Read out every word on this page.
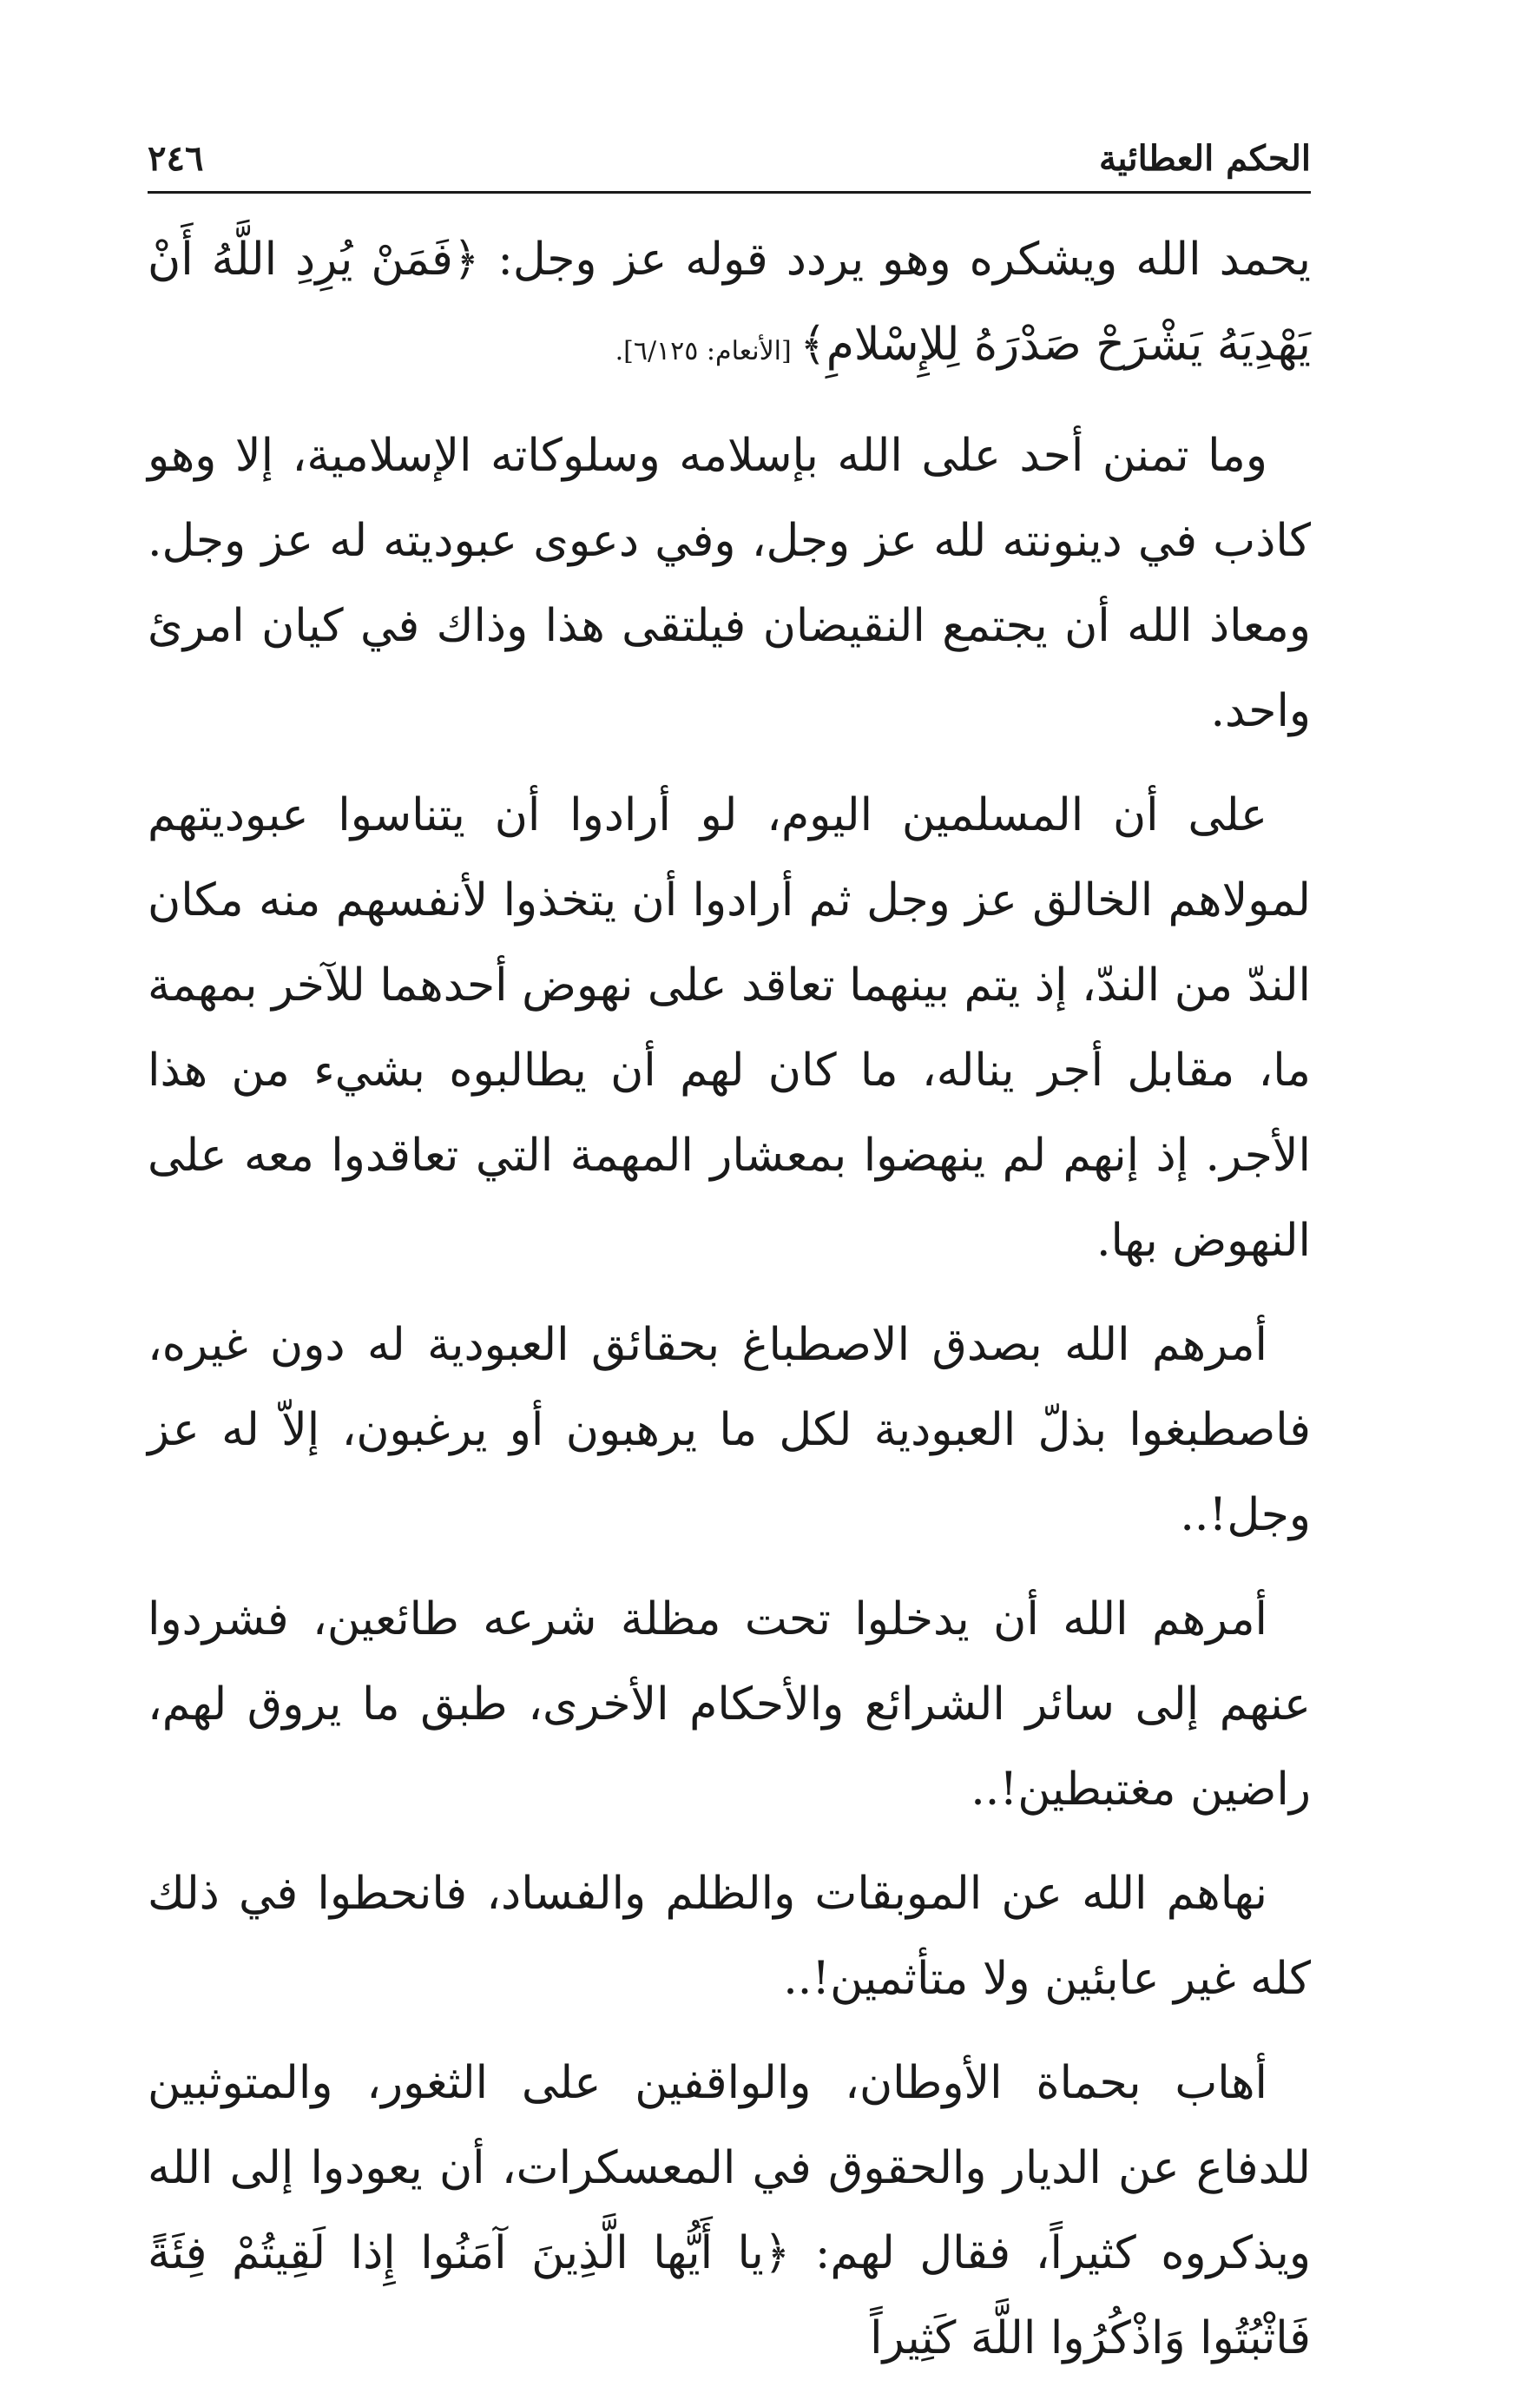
الحكم العطائية
٢٤٦

يحمد الله ويشكره وهو يردد قوله عز وجل: ﴿فَمَنْ يُرِدِ اللَّهُ أَنْ يَهْدِيَهُ يَشْرَحْ صَدْرَهُ لِلإِسْلامِ﴾ [الأنعام: ٦/١٢٥].

وما تمنن أحد على الله بإسلامه وسلوكاته الإسلامية، إلا وهو كاذب في دينونته لله عز وجل، وفي دعوى عبوديته له عز وجل. ومعاذ الله أن يجتمع النقيضان فيلتقى هذا وذاك في كيان امرئ واحد.

على أن المسلمين اليوم، لو أرادوا أن يتناسوا عبوديتهم لمولاهم الخالق عز وجل ثم أرادوا أن يتخذوا لأنفسهم منه مكان الندّ من الندّ، إذ يتم بينهما تعاقد على نهوض أحدهما للآخر بمهمة ما، مقابل أجر يناله، ما كان لهم أن يطالبوه بشيء من هذا الأجر. إذ إنهم لم ينهضوا بمعشار المهمة التي تعاقدوا معه على النهوض بها.

أمرهم الله بصدق الاصطباغ بحقائق العبودية له دون غيره، فاصطبغوا بذلّ العبودية لكل ما يرهبون أو يرغبون، إلاّ له عز وجل!..

أمرهم الله أن يدخلوا تحت مظلة شرعه طائعين، فشردوا عنهم إلى سائر الشرائع والأحكام الأخرى، طبق ما يروق لهم، راضين مغتبطين!..

نهاهم الله عن الموبقات والظلم والفساد، فانحطوا في ذلك كله غير عابئين ولا متأثمين!..

أهاب بحماة الأوطان، والواقفين على الثغور، والمتوثبين للدفاع عن الديار والحقوق في المعسكرات، أن يعودوا إلى الله ويذكروه كثيراً، فقال لهم: ﴿يا أَيُّها الَّذِينَ آمَنُوا إِذا لَقِيتُمْ فِئَةً فَاثْبُتُوا وَاذْكُرُوا اللَّهَ كَثِيراً
